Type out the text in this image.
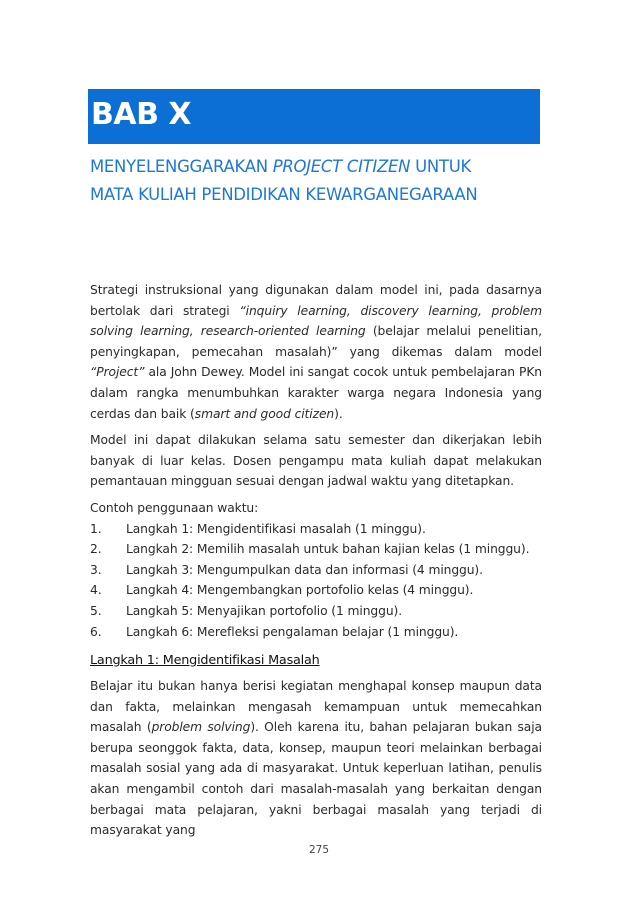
BAB X
MENYELENGGARAKAN PROJECT CITIZEN UNTUK
MATA KULIAH PENDIDIKAN KEWARGANEGARAAN

Strategi instruksional yang digunakan dalam model ini, pada dasarnya bertolak dari strategi “inquiry learning, discovery learning, problem solving learning, research-oriented learning (belajar melalui penelitian, penyingkapan, pemecahan masalah)” yang dikemas dalam model “Project” ala John Dewey. Model ini sangat cocok untuk pembelajaran PKn dalam rangka menumbuhkan karakter warga negara Indonesia yang cerdas dan baik (smart and good citizen).

Model ini dapat dilakukan selama satu semester dan dikerjakan lebih banyak di luar kelas. Dosen pengampu mata kuliah dapat melakukan pemantauan mingguan sesuai dengan jadwal waktu yang ditetapkan.

Contoh penggunaan waktu:

1.	Langkah 1: Mengidentifikasi masalah (1 minggu).
2.	Langkah 2: Memilih masalah untuk bahan kajian kelas (1 minggu).
3.	Langkah 3: Mengumpulkan data dan informasi (4 minggu).
4.	Langkah 4: Mengembangkan portofolio kelas (4 minggu).
5.	Langkah 5: Menyajikan portofolio (1 minggu).
6.	Langkah 6: Merefleksi pengalaman belajar (1 minggu).
Langkah 1: Mengidentifikasi Masalah

Belajar itu bukan hanya berisi kegiatan menghapal konsep maupun data dan fakta, melainkan mengasah kemampuan untuk memecahkan masalah (problem solving). Oleh karena itu, bahan pelajaran bukan saja berupa seonggok fakta, data, konsep, maupun teori melainkan berbagai masalah sosial yang ada di masyarakat. Untuk keperluan latihan, penulis akan mengambil contoh dari masalah-masalah yang berkaitan dengan berbagai mata pelajaran, yakni berbagai masalah yang terjadi di masyarakat yang

275
